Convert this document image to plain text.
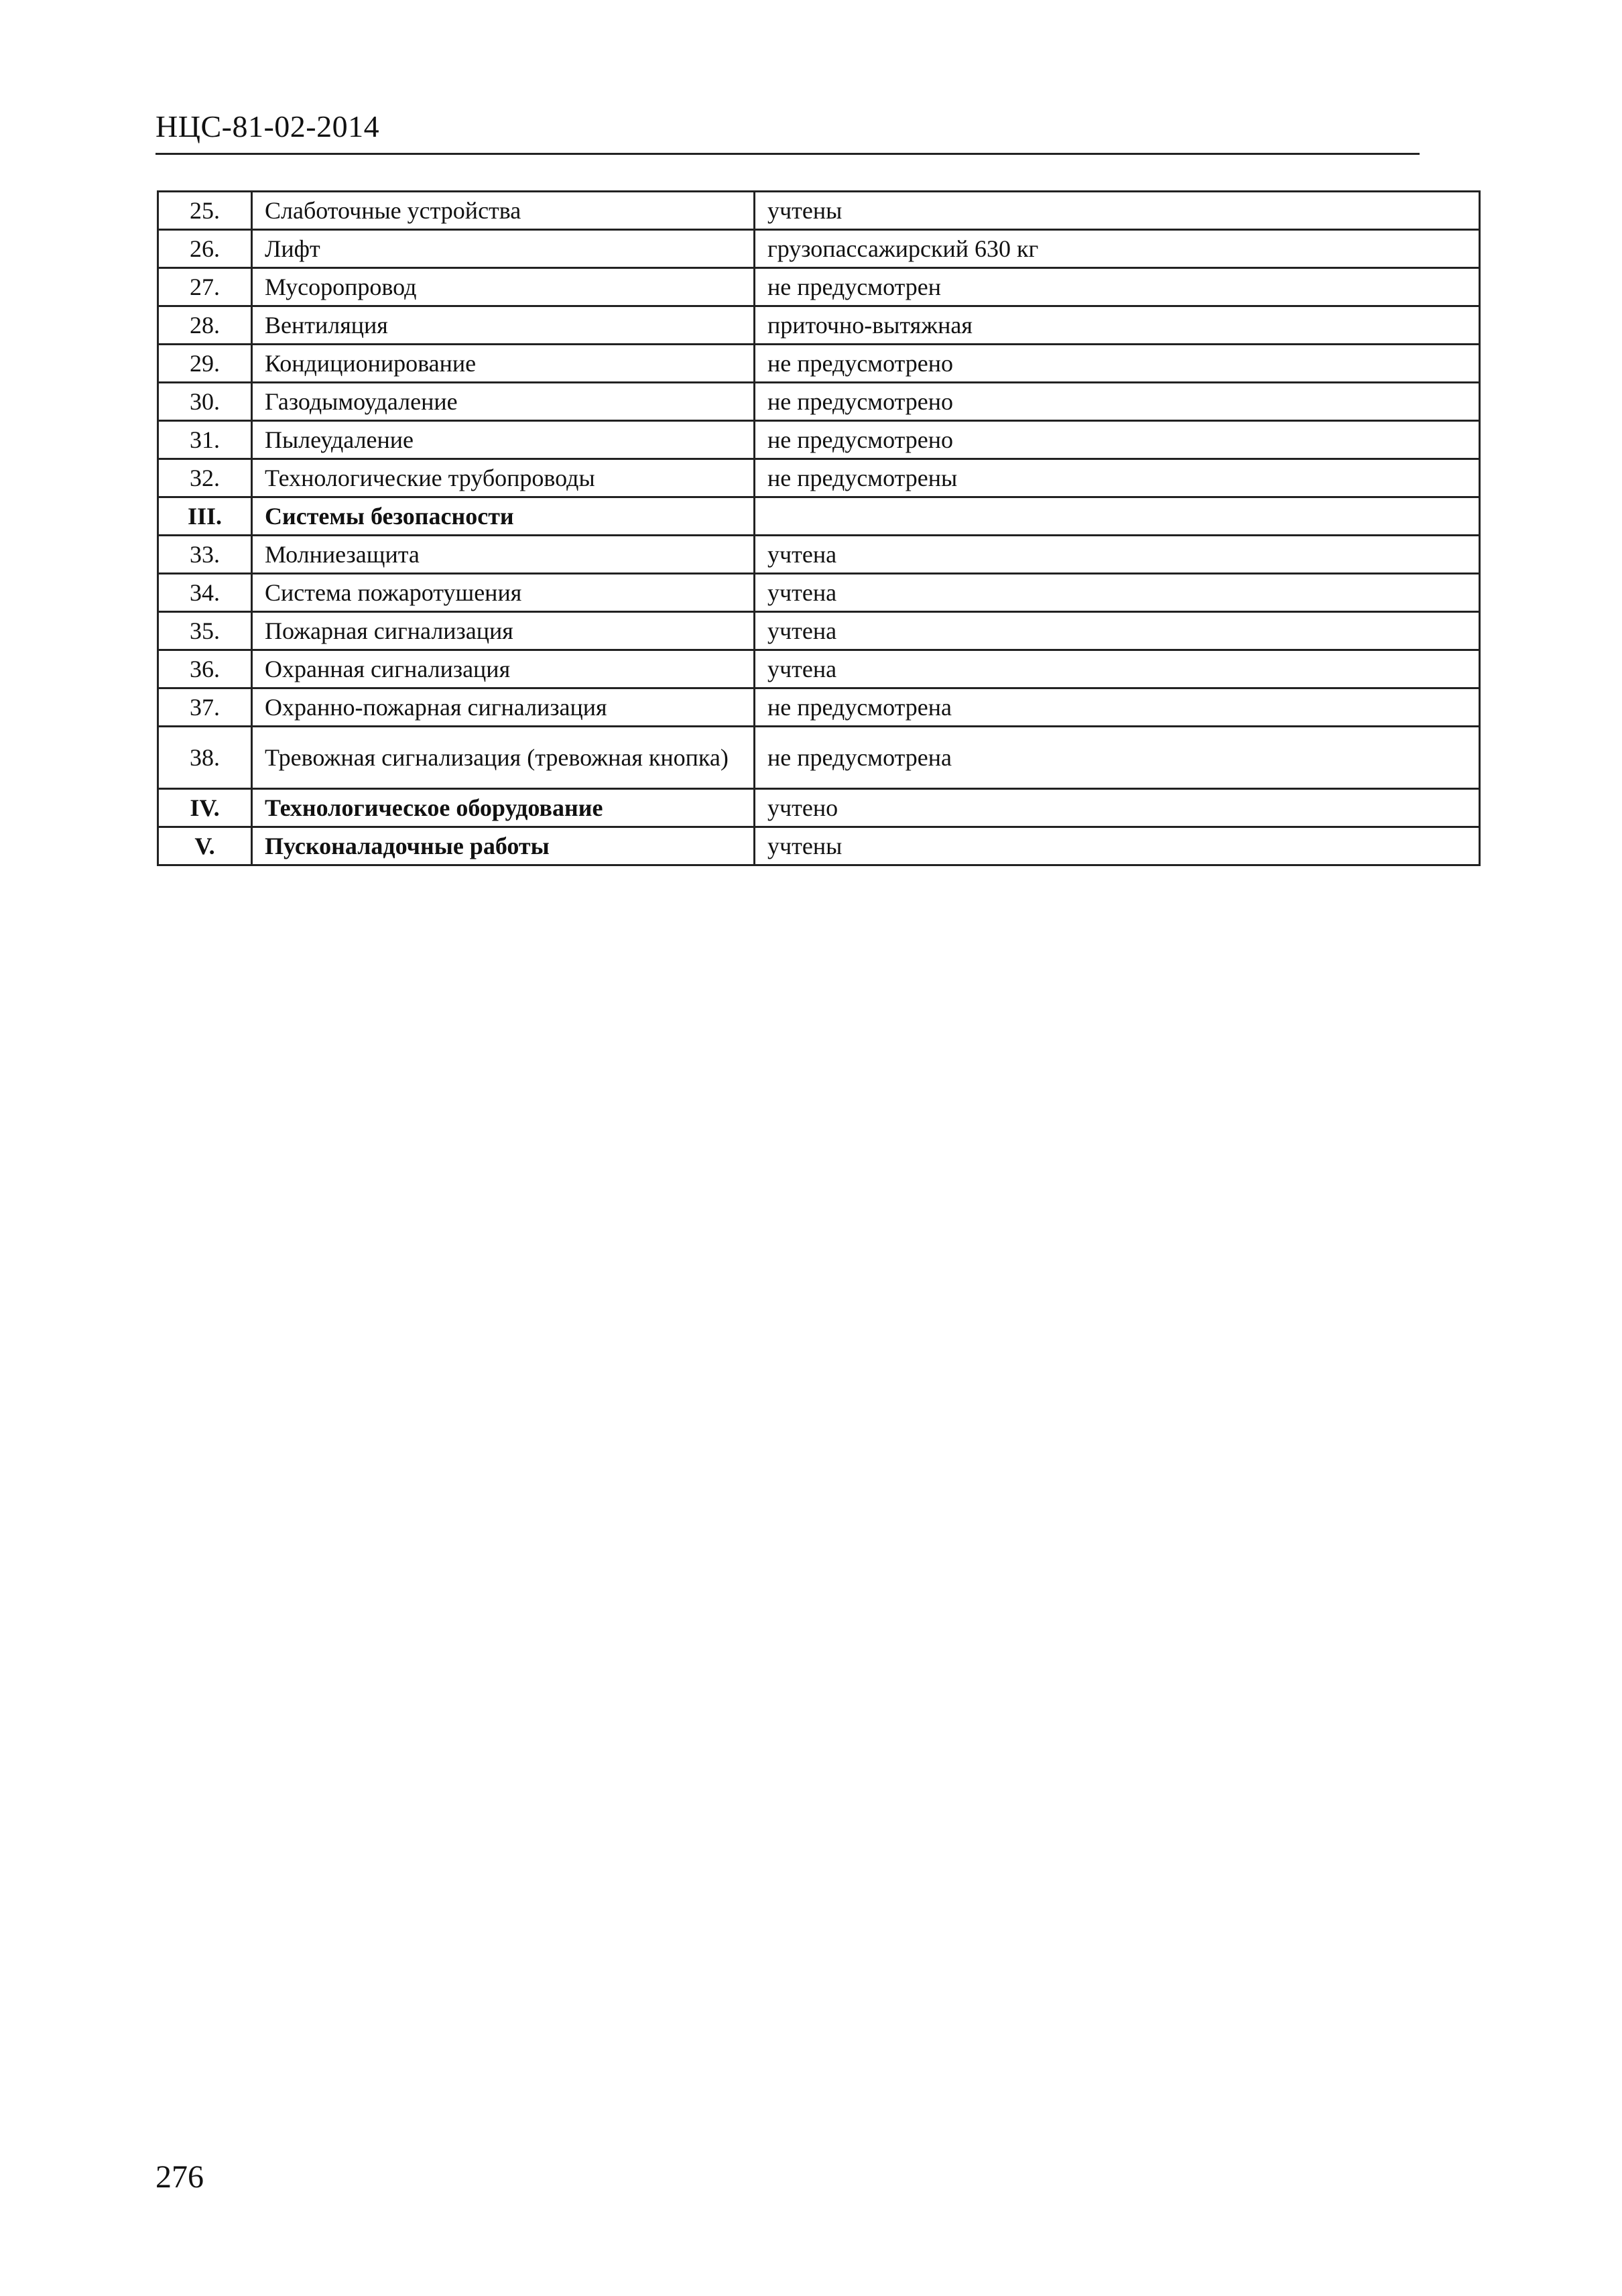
НЦС-81-02-2014
25.	Слаботочные устройства	учтены
26.	Лифт	грузопассажирский 630 кг
27.	Мусоропровод	не предусмотрен
28.	Вентиляция	приточно-вытяжная
29.	Кондиционирование	не предусмотрено
30.	Газодымоудаление	не предусмотрено
31.	Пылеудаление	не предусмотрено
32.	Технологические трубопроводы	не предусмотрены
III.	Системы безопасности	
33.	Молниезащита	учтена
34.	Система пожаротушения	учтена
35.	Пожарная сигнализация	учтена
36.	Охранная сигнализация	учтена
37.	Охранно-пожарная сигнализация	не предусмотрена
38.	Тревожная сигнализация (тревожная кнопка)	не предусмотрена
IV.	Технологическое оборудование	учтено
V.	Пусконаладочные работы	учтены
276
